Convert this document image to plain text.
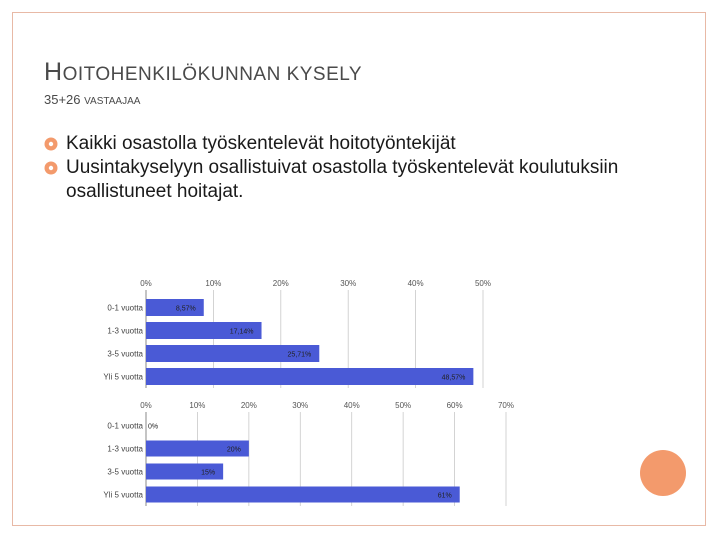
HOITOHENKILÖKUNNAN KYSELY
35+26 VASTAAJAA
Kaikki osastolla työskentelevät hoitotyöntekijät
Uusintakyselyyn osallistuivat osastolla työskentelevät koulutuksiin osallistuneet hoitajat.
0%	10%	20%	30%	40%	50%
0-1 vuotta	8,57%
1-3 vuotta	17,14%
3-5 vuotta	25,71%
Yli 5 vuotta	48,57%
0%	10%	20%	30%	40%	50%	60%	70%
0-1 vuotta 0%
1-3 vuotta	20%
3-5 vuotta	15%
Yli 5 vuotta	61%
